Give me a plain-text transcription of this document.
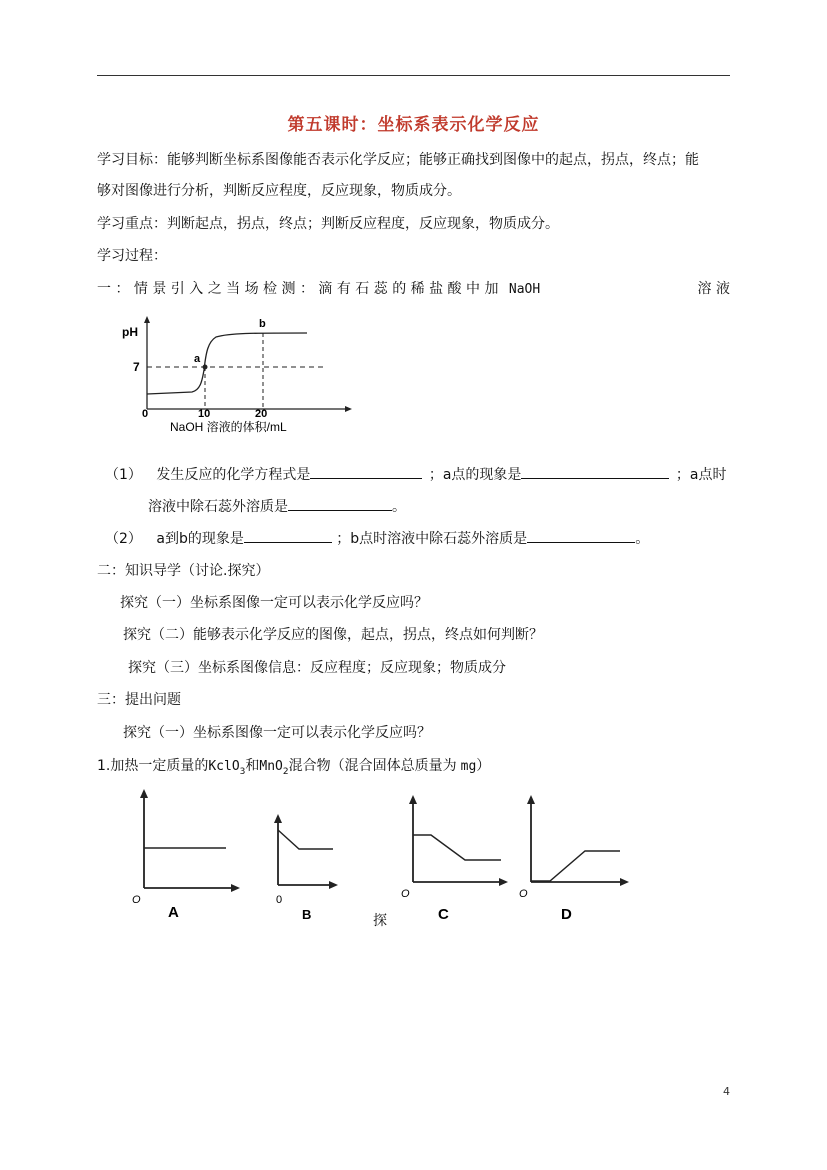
第五课时：坐标系表示化学反应
学习目标：能够判断坐标系图像能否表示化学反应；能够正确找到图像中的起点，拐点，终点；能
够对图像进行分析，判断反应程度，反应现象，物质成分。
学习重点：判断起点，拐点，终点；判断反应程度，反应现象，物质成分。
学习过程：
一 ： 情 景 引 入 之 当 场 检 测 ： 滴 有 石 蕊 的 稀 盐 酸 中 加 NaOH	溶 液
pH
7
a
b
0	10	20
NaOH 溶液的体积/mL
（1） 发生反应的化学方程式是	；a点的现象是	；a点时
溶液中除石蕊外溶质是	。
（2） a到b的现象是	；b点时溶液中除石蕊外溶质是	。
二：知识导学（讨论.探究）
探究（一）坐标系图像一定可以表示化学反应吗？
探究（二）能够表示化学反应的图像，起点，拐点，终点如何判断？
探究（三）坐标系图像信息：反应程度；反应现象；物质成分
三：提出问题
探究（一）坐标系图像一定可以表示化学反应吗？
1.加热一定质量的KclO$_3$和MnO$_2$混合物（混合固体总质量为 mg）
O
A
0
B
O
C
O
D
探
4
